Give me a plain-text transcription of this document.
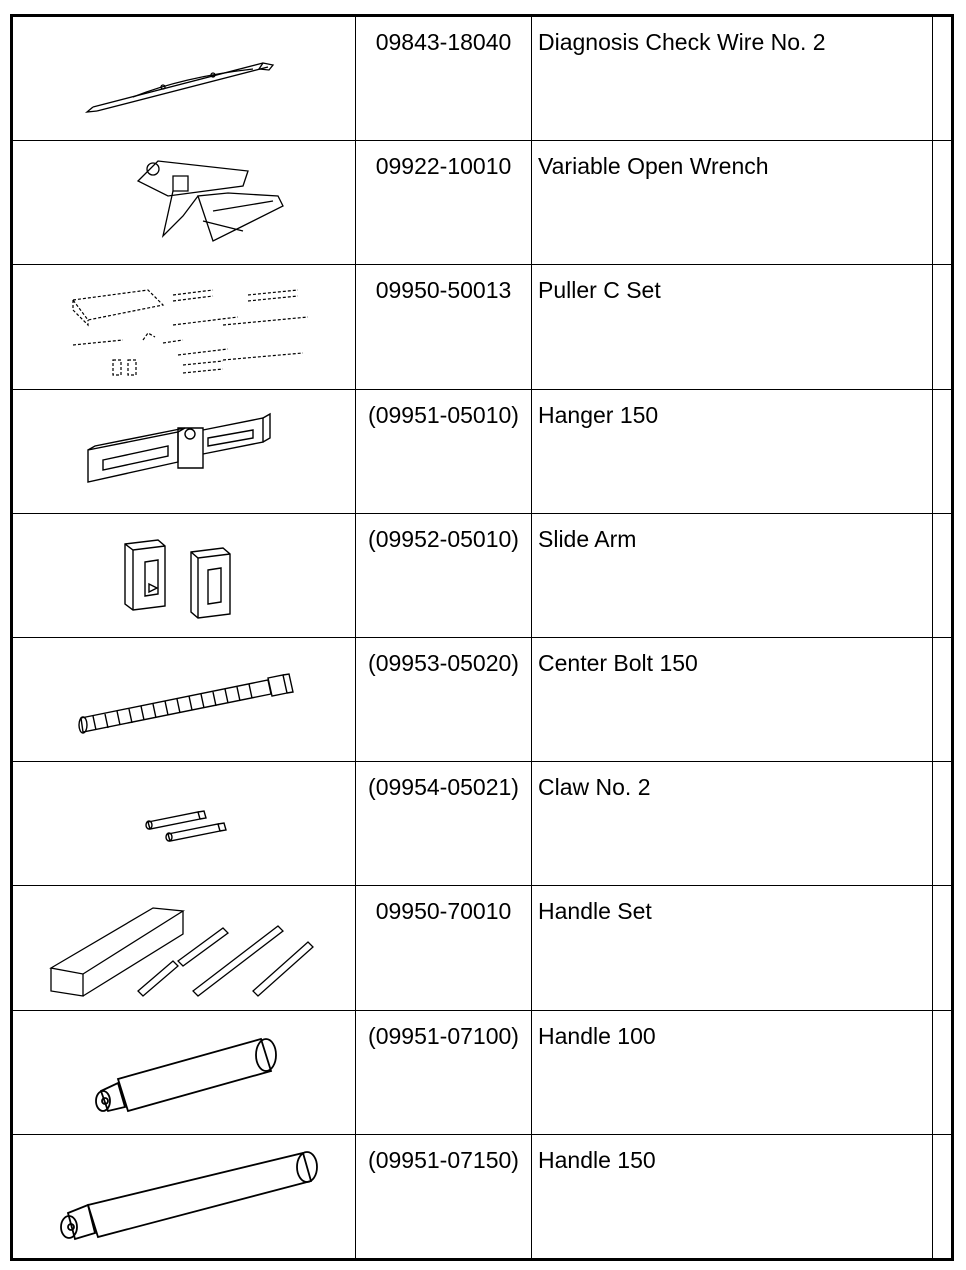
	09843-18040	Diagnosis Check Wire No. 2	

	09922-10010	Variable Open Wrench	

	09950-50013	Puller C Set	

	(09951-05010)	Hanger 150	

	(09952-05010)	Slide Arm	

	(09953-05020)	Center Bolt 150	

	(09954-05021)	Claw No. 2	

	09950-70010	Handle Set	

	(09951-07100)	Handle 100	

	(09951-07150)	Handle 150	
